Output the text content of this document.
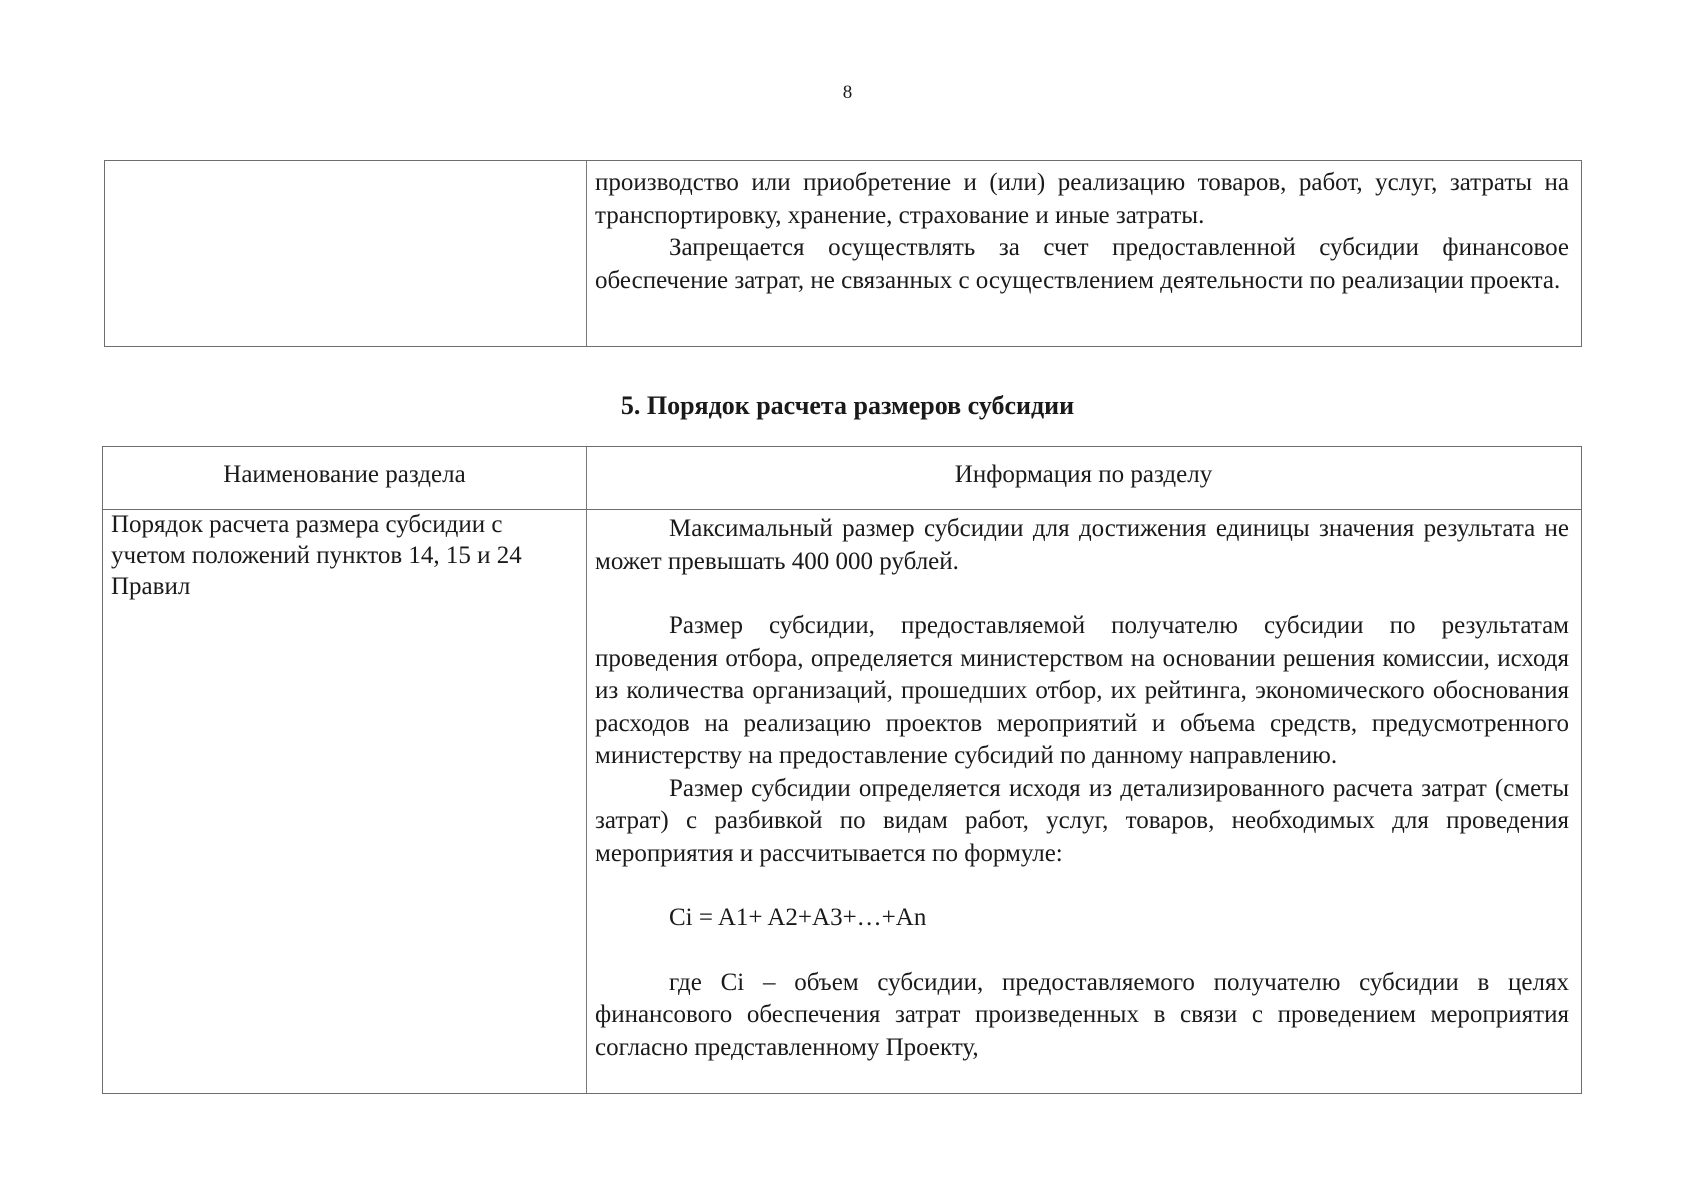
8

производство или приобретение и (или) реализацию товаров, работ, услуг, затраты на транспортировку, хранение, страхование и иные затраты.

Запрещается осуществлять за счет предоставленной субсидии финансовое обеспечение затрат, не связанных с осуществлением деятельности по реализации проекта.

5. Порядок расчета размеров субсидии
Наименование раздела	Информация по разделу
Порядок расчета размера субсидии с учетом положений пунктов 14, 15 и 24 Правил

Максимальный размер субсидии для достижения единицы значения результата не может превышать 400 000 рублей.

Размер субсидии, предоставляемой получателю субсидии по результатам проведения отбора, определяется министерством на основании решения комиссии, исходя из количества организаций, прошедших отбор, их рейтинга, экономического обоснования расходов на реализацию проектов мероприятий и объема средств, предусмотренного министерству на предоставление субсидий по данному направлению.

Размер субсидии определяется исходя из детализированного расчета затрат (сметы затрат) с разбивкой по видам работ, услуг, товаров, необходимых для проведения мероприятия и рассчитывается по формуле:

Ci = A1+ A2+A3+…+An

где Ci – объем субсидии, предоставляемого получателю субсидии в целях финансового обеспечения затрат произведенных в связи с проведением мероприятия согласно представленному Проекту,
